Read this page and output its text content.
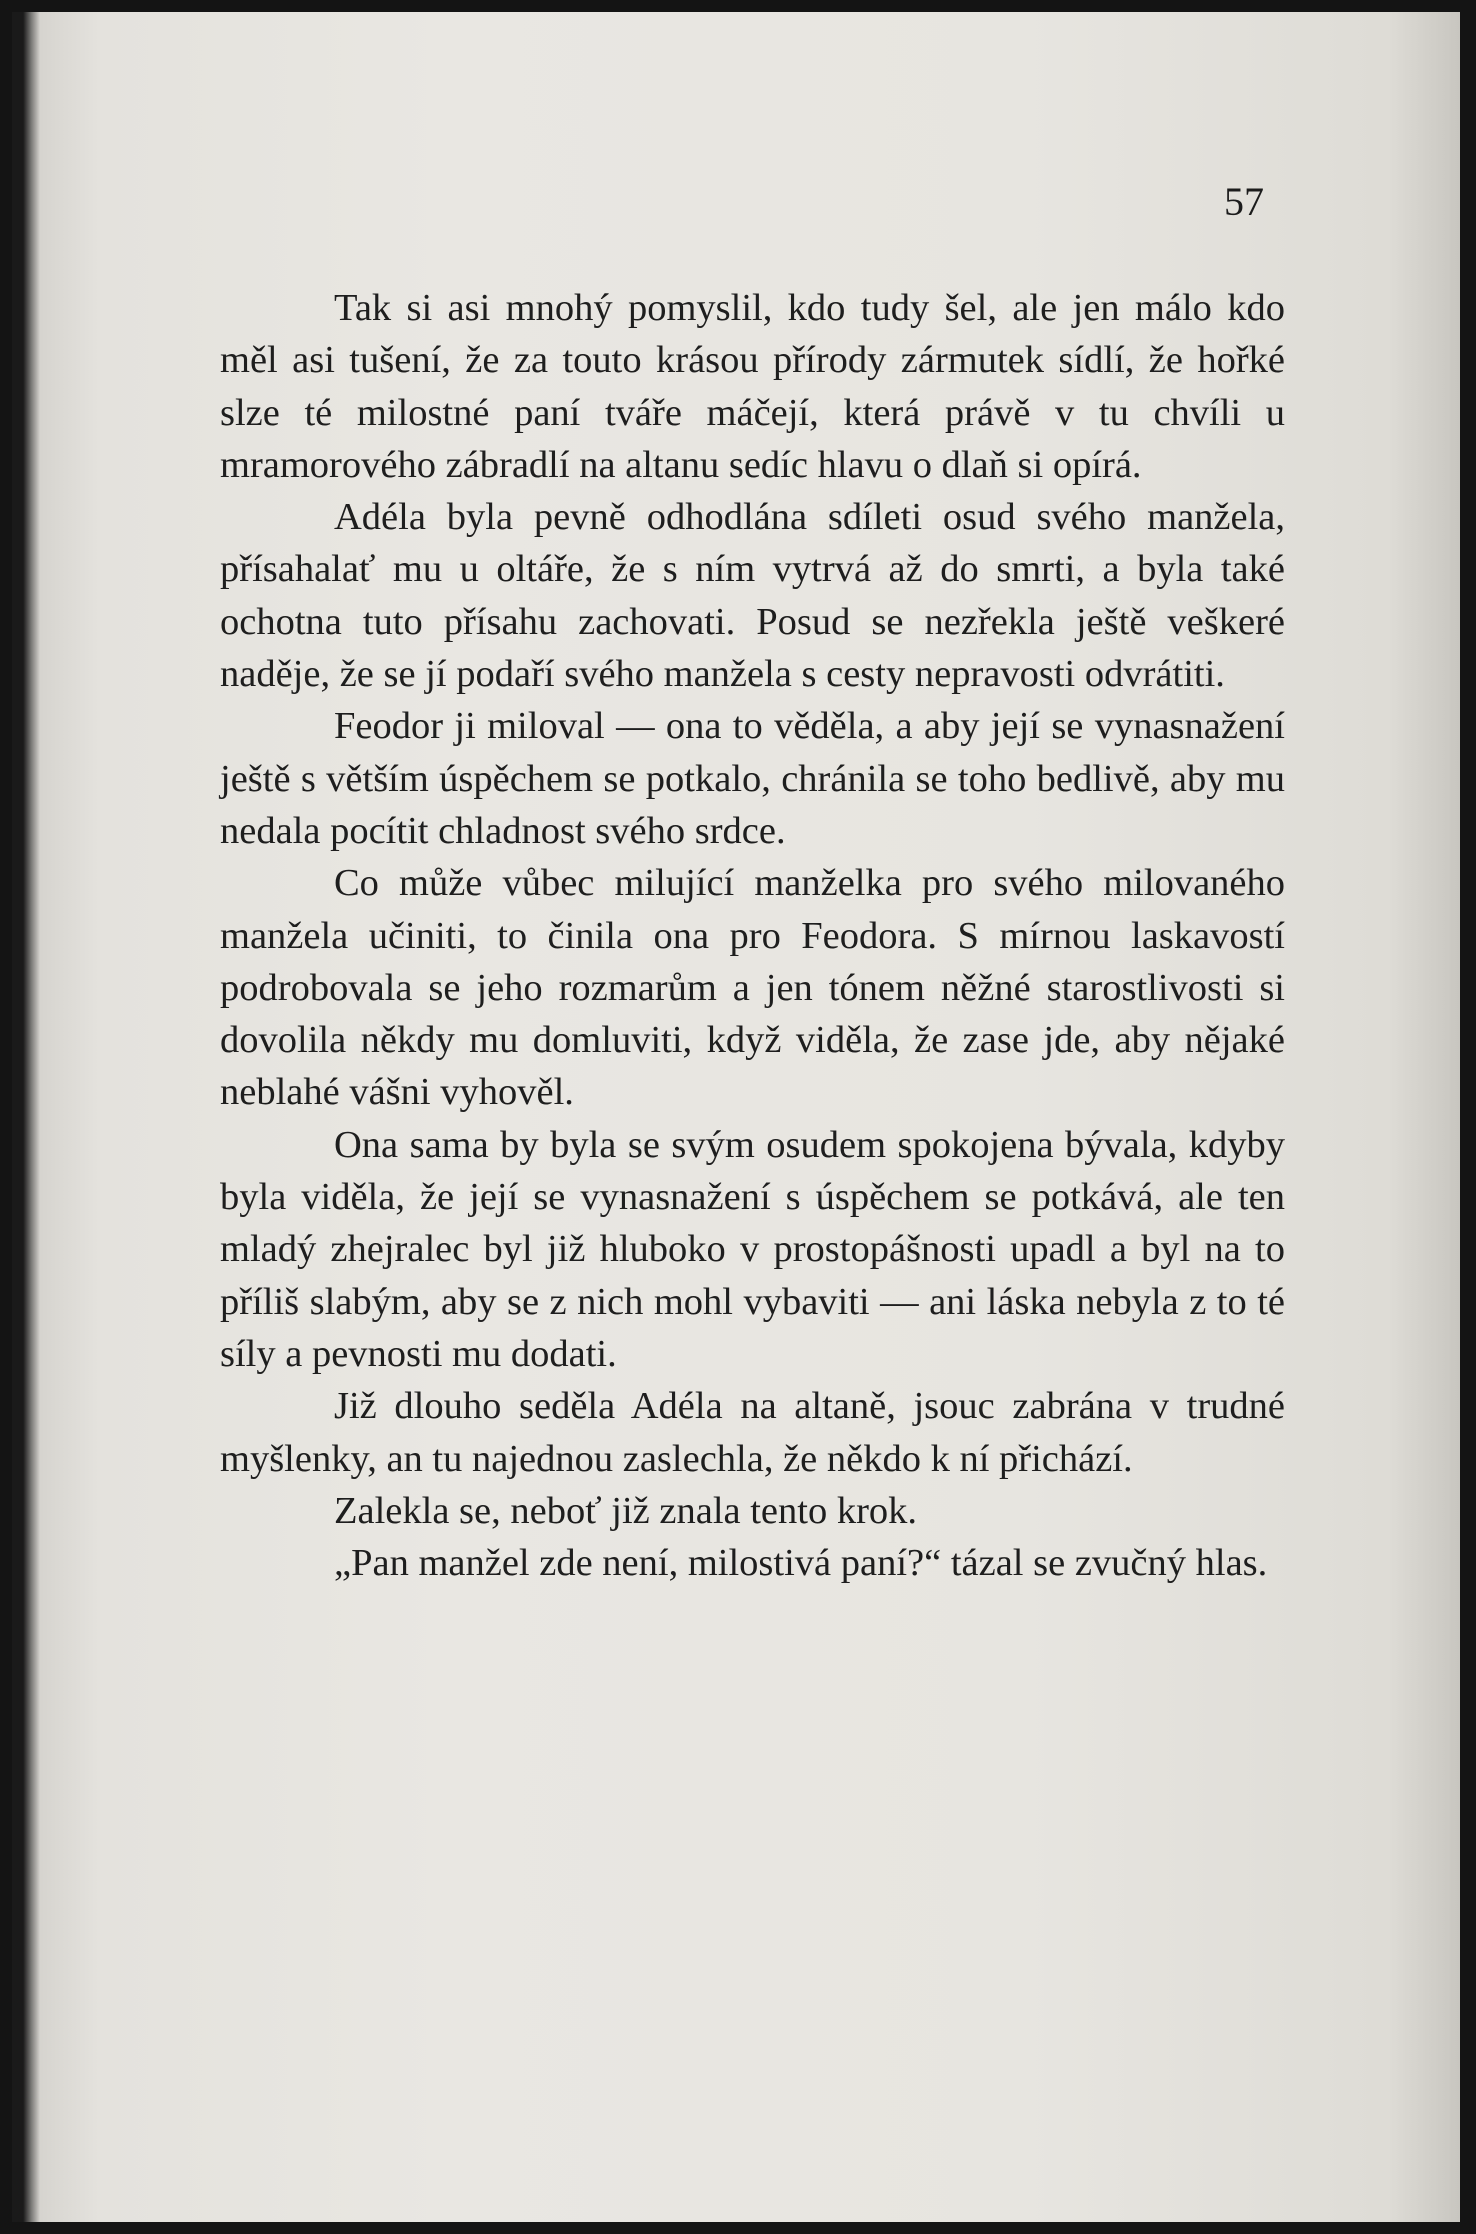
57

Tak si asi mnohý pomyslil, kdo tudy šel, ale jen málo kdo měl asi tušení, že za touto krásou přírody zármutek sídlí, že hořké slze té milostné paní tváře máčejí, která právě v tu chvíli u mramorového zábradlí na altanu sedíc hlavu o dlaň si opírá.

Adéla byla pevně odhodlána sdíleti osud svého manžela, přísahalať mu u oltáře, že s ním vytrvá až do smrti, a byla také ochotna tuto přísahu zachovati. Posud se nezřekla ještě veškeré naděje, že se jí podaří svého manžela s cesty nepravosti odvrátiti.

Feodor ji miloval — ona to věděla, a aby její se vynasnažení ještě s větším úspěchem se potkalo, chránila se toho bedlivě, aby mu nedala pocítit chladnost svého srdce.

Co může vůbec milující manželka pro svého milovaného manžela učiniti, to činila ona pro Feodora. S mírnou laskavostí podrobovala se jeho rozmarům a jen tónem něžné starostlivosti si dovolila někdy mu domluviti, když viděla, že zase jde, aby nějaké neblahé vášni vyhověl.

Ona sama by byla se svým osudem spokojena bývala, kdyby byla viděla, že její se vynasnažení s úspěchem se potkává, ale ten mladý zhejralec byl již hluboko v prostopášnosti upadl a byl na to příliš slabým, aby se z nich mohl vybaviti — ani láska nebyla z to té síly a pevnosti mu dodati.

Již dlouho seděla Adéla na altaně, jsouc zabrána v trudné myšlenky, an tu najednou zaslechla, že někdo k ní přichází.

Zalekla se, neboť již znala tento krok.

„Pan manžel zde není, milostivá paní?“ tázal se zvučný hlas.
